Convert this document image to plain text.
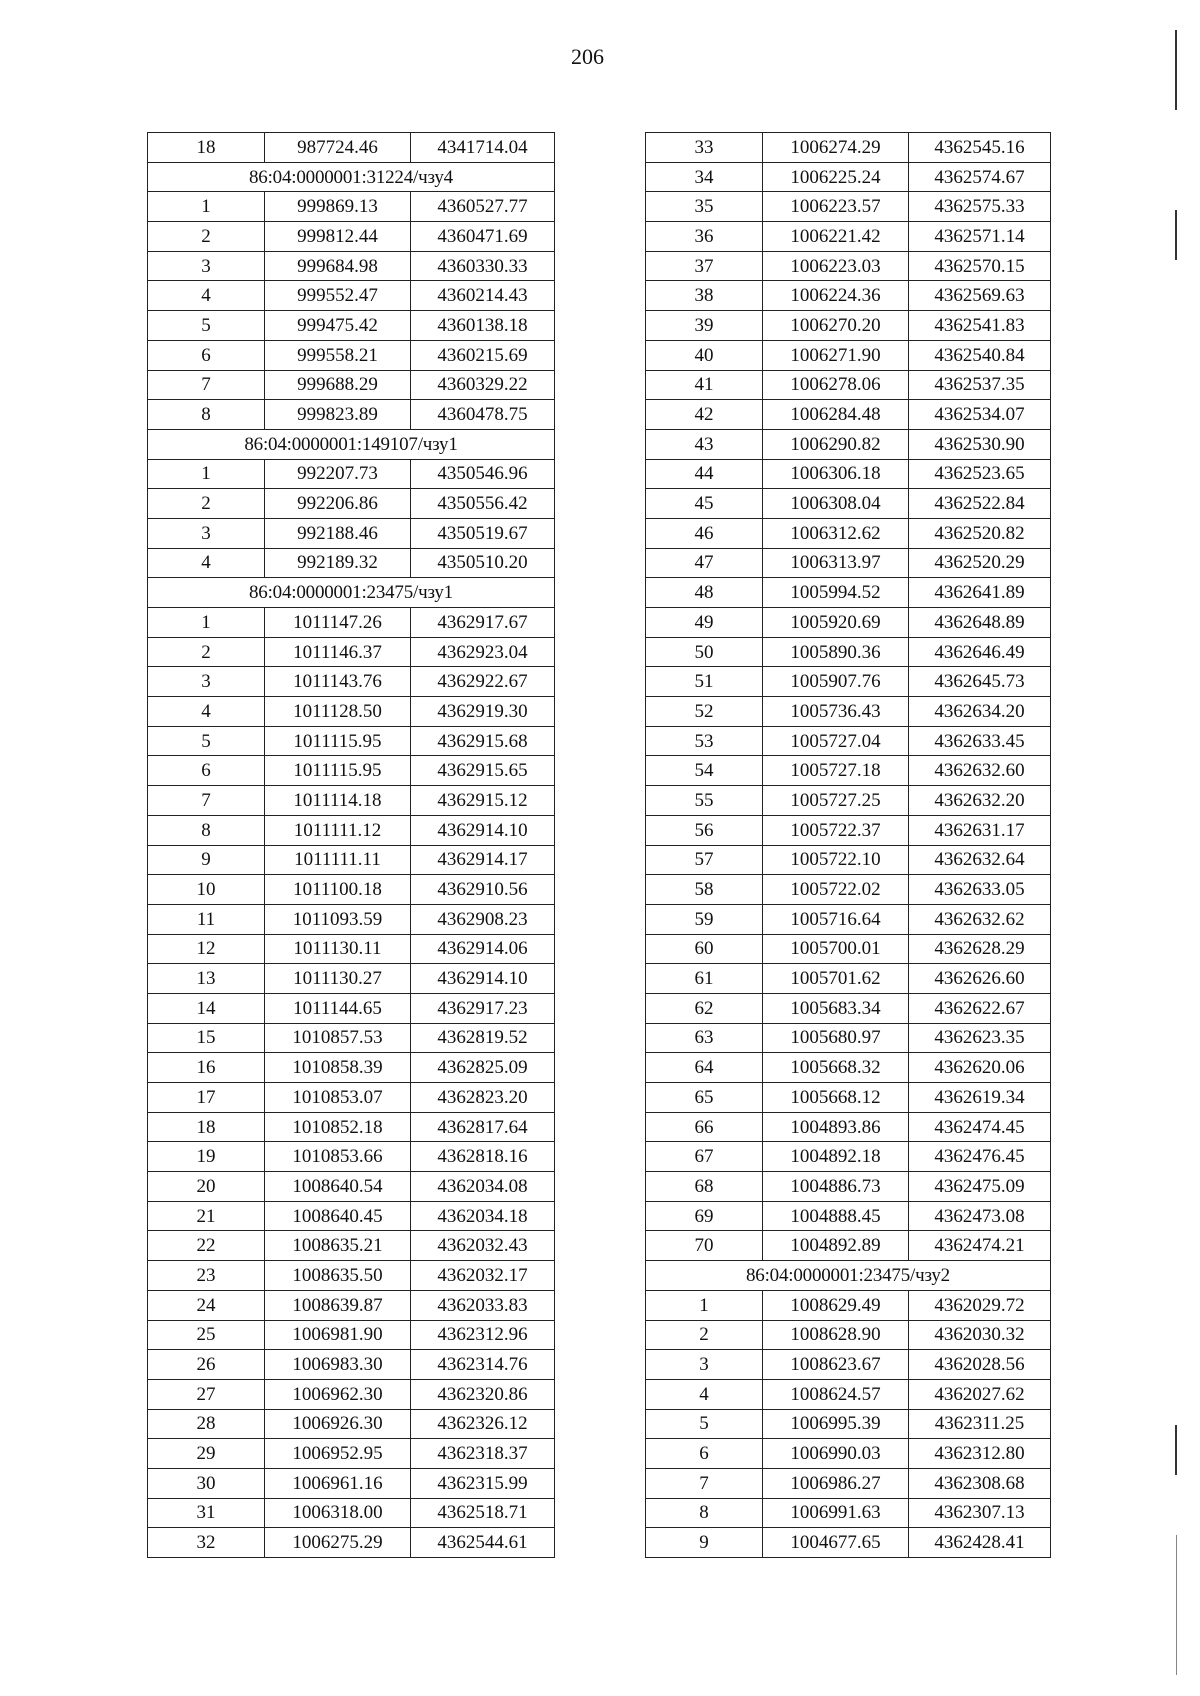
206
18	987724.46	4341714.04
86:04:0000001:31224/чзу4		
1	999869.13	4360527.77
2	999812.44	4360471.69
3	999684.98	4360330.33
4	999552.47	4360214.43
5	999475.42	4360138.18
6	999558.21	4360215.69
7	999688.29	4360329.22
8	999823.89	4360478.75
86:04:0000001:149107/чзу1		
1	992207.73	4350546.96
2	992206.86	4350556.42
3	992188.46	4350519.67
4	992189.32	4350510.20
86:04:0000001:23475/чзу1		
1	1011147.26	4362917.67
2	1011146.37	4362923.04
3	1011143.76	4362922.67
4	1011128.50	4362919.30
5	1011115.95	4362915.68
6	1011115.95	4362915.65
7	1011114.18	4362915.12
8	1011111.12	4362914.10
9	1011111.11	4362914.17
10	1011100.18	4362910.56
11	1011093.59	4362908.23
12	1011130.11	4362914.06
13	1011130.27	4362914.10
14	1011144.65	4362917.23
15	1010857.53	4362819.52
16	1010858.39	4362825.09
17	1010853.07	4362823.20
18	1010852.18	4362817.64
19	1010853.66	4362818.16
20	1008640.54	4362034.08
21	1008640.45	4362034.18
22	1008635.21	4362032.43
23	1008635.50	4362032.17
24	1008639.87	4362033.83
25	1006981.90	4362312.96
26	1006983.30	4362314.76
27	1006962.30	4362320.86
28	1006926.30	4362326.12
29	1006952.95	4362318.37
30	1006961.16	4362315.99
31	1006318.00	4362518.71
32	1006275.29	4362544.61
33	1006274.29	4362545.16
34	1006225.24	4362574.67
35	1006223.57	4362575.33
36	1006221.42	4362571.14
37	1006223.03	4362570.15
38	1006224.36	4362569.63
39	1006270.20	4362541.83
40	1006271.90	4362540.84
41	1006278.06	4362537.35
42	1006284.48	4362534.07
43	1006290.82	4362530.90
44	1006306.18	4362523.65
45	1006308.04	4362522.84
46	1006312.62	4362520.82
47	1006313.97	4362520.29
48	1005994.52	4362641.89
49	1005920.69	4362648.89
50	1005890.36	4362646.49
51	1005907.76	4362645.73
52	1005736.43	4362634.20
53	1005727.04	4362633.45
54	1005727.18	4362632.60
55	1005727.25	4362632.20
56	1005722.37	4362631.17
57	1005722.10	4362632.64
58	1005722.02	4362633.05
59	1005716.64	4362632.62
60	1005700.01	4362628.29
61	1005701.62	4362626.60
62	1005683.34	4362622.67
63	1005680.97	4362623.35
64	1005668.32	4362620.06
65	1005668.12	4362619.34
66	1004893.86	4362474.45
67	1004892.18	4362476.45
68	1004886.73	4362475.09
69	1004888.45	4362473.08
70	1004892.89	4362474.21
86:04:0000001:23475/чзу2		
1	1008629.49	4362029.72
2	1008628.90	4362030.32
3	1008623.67	4362028.56
4	1008624.57	4362027.62
5	1006995.39	4362311.25
6	1006990.03	4362312.80
7	1006986.27	4362308.68
8	1006991.63	4362307.13
9	1004677.65	4362428.41
